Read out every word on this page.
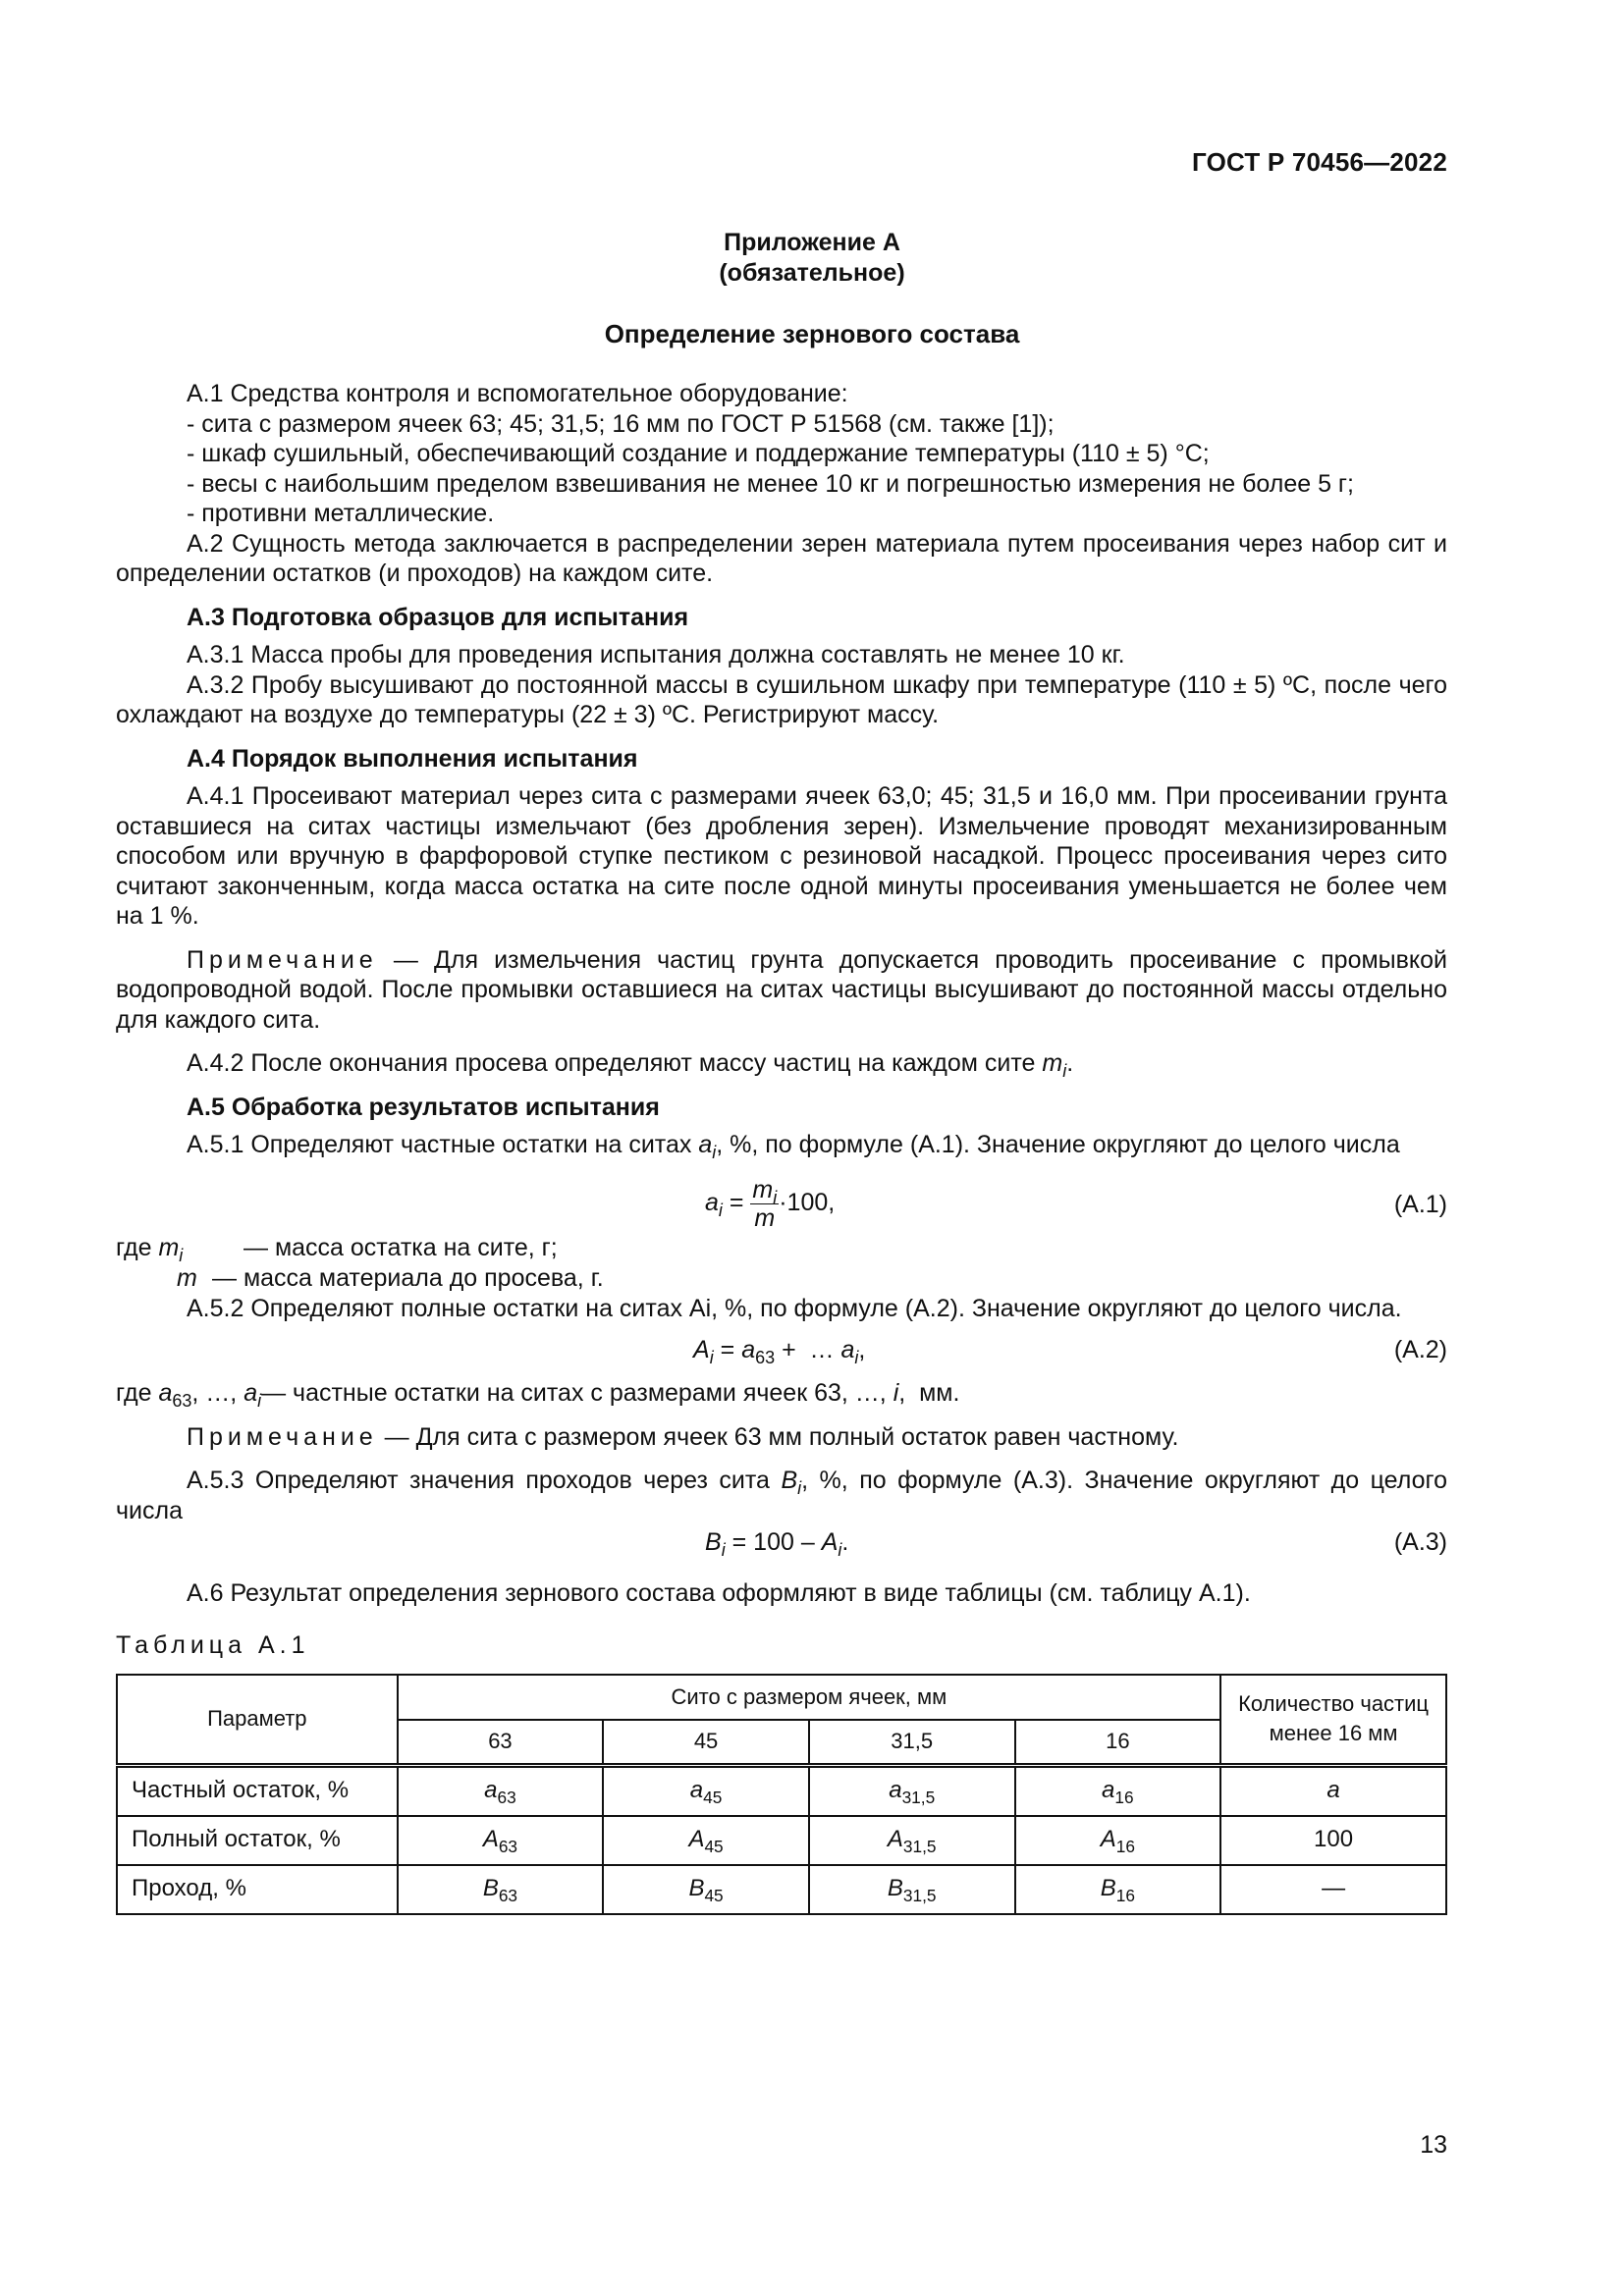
ГОСТ Р 70456—2022
Приложение А
(обязательное)
Определение зернового состава

А.1 Средства контроля и вспомогательное оборудование:

- сита с размером ячеек 63; 45; 31,5; 16 мм по ГОСТ Р 51568 (см. также [1]);

- шкаф сушильный, обеспечивающий создание и поддержание температуры (110 ± 5) °С;

- весы с наибольшим пределом взвешивания не менее 10 кг и погрешностью измерения не более 5 г;

- противни металлические.

А.2 Сущность метода заключается в распределении зерен материала путем просеивания через набор сит и определении остатков (и проходов) на каждом сите.

А.3 Подготовка образцов для испытания

А.3.1 Масса пробы для проведения испытания должна составлять не менее 10 кг.

А.3.2 Пробу высушивают до постоянной массы в сушильном шкафу при температуре (110 ± 5) ºС, после чего охлаждают на воздухе до температуры (22 ± 3) ºС. Регистрируют массу.

А.4 Порядок выполнения испытания

А.4.1 Просеивают материал через сита с размерами ячеек 63,0; 45; 31,5 и 16,0 мм. При просеивании грунта оставшиеся на ситах частицы измельчают (без дробления зерен). Измельчение проводят механизированным способом или вручную в фарфоровой ступке пестиком с резиновой насадкой. Процесс просеивания через сито считают законченным, когда масса остатка на сите после одной минуты просеивания уменьшается не более чем на 1 %.

Примечание — Для измельчения частиц грунта допускается проводить просеивание с промывкой водопроводной водой. После промывки оставшиеся на ситах частицы высушивают до постоянной массы отдельно для каждого сита.

А.4.2 После окончания просева определяют массу частиц на каждом сите $m_i$.

А.5 Обработка результатов испытания

А.5.1 Определяют частные остатки на ситах $a_i$, %, по формуле (А.1). Значение округляют до целого числа

$a_i = \frac{m_i}{m} \cdot 100$,	(А.1)
где $m_i$	— масса остатка на сите, г;
m — масса материала до просева, г.

А.5.2 Определяют полные остатки на ситах Ai, %, по формуле (А.2). Значение округляют до целого числа.

$A_i = a_{63}$ +  … $a_i$,	(А.2)

где $a_{63}$, …, $a_i—$ частные остатки на ситах с размерами ячеек 63, …, i,  мм.

Примечание — Для сита с размером ячеек 63 мм полный остаток равен частному.

А.5.3 Определяют значения проходов через сита $B_i$, %, по формуле (А.3). Значение округляют до целого числа

$B_i = 100 - A_i$.	(А.3)

А.6 Результат определения зернового состава оформляют в виде таблицы (см. таблицу А.1).

Таблица А.1

Параметр	Сито с размером ячеек, мм				Количество частиц менее 16 мм
	63	45	31,5	16	
Частный остаток, %	$a_{63}$	$a_{45}$	$a_{31,5}$	$a_{16}$	a
Полный остаток, %	$A_{63}$	$A_{45}$	$A_{31,5}$	$A_{16}$	100
Проход, %	$B_{63}$	$B_{45}$	$B_{31,5}$	$B_{16}$	—
13
